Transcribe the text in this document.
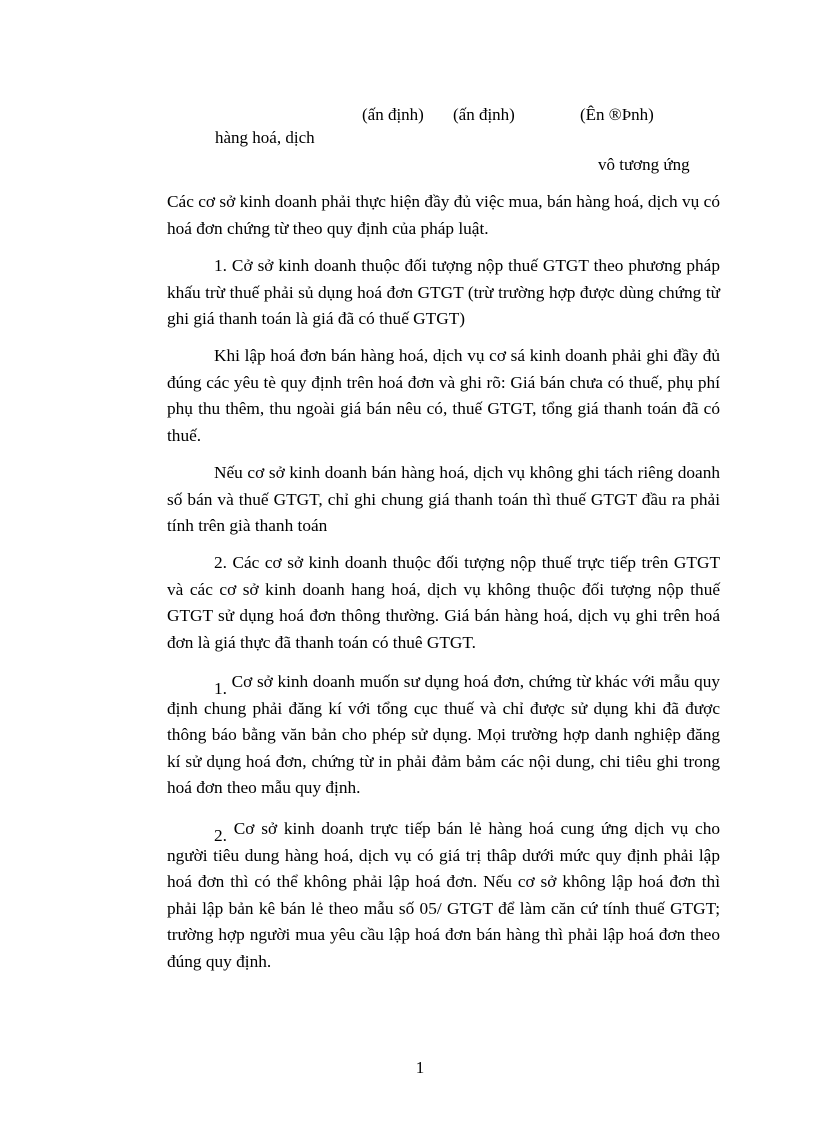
(ấn định) (ấn định)	(Ên ®Þnh)
hàng hoá, dịch
vô tương ứng
Các cơ sở kinh doanh phải thực hiện đầy đủ việc mua, bán hàng hoá, dịch vụ có hoá đơn chứng từ theo quy định của pháp luật.
1. Cở sở kinh doanh thuộc đối tượng nộp thuế GTGT theo phương pháp khấu trừ thuế phải sủ dụng hoá đơn GTGT (trừ trường hợp được dùng chứng từ ghi giá thanh toán là giá đã có thuế GTGT)
Khi lập hoá đơn bán hàng hoá, dịch vụ cơ sá kinh doanh phải ghi đầy đủ đúng các yêu tè quy định trên hoá đơn và ghi rõ: Giá bán chưa có thuế, phụ phí phụ thu thêm, thu ngoài giá bán nêu có, thuế GTGT, tổng giá thanh toán đã có thuế.
Nếu cơ sở kinh doanh bán hàng hoá, dịch vụ không ghi tách riêng doanh số bán và thuế GTGT, chỉ ghi chung giá thanh toán thì thuế GTGT đầu ra phải tính trên già thanh toán
2. Các cơ sở kinh doanh thuộc đối tượng nộp thuế trực tiếp trên GTGT và các cơ sở kinh doanh hang hoá, dịch vụ không thuộc đối tượng nộp thuế GTGT sử dụng hoá đơn thông thường. Giá bán hàng hoá, dịch vụ ghi trên hoá đơn là giá thực đã thanh toán có thuê GTGT.
1. Cơ sở kinh doanh muốn sư dụng hoá đơn, chứng từ khác với mẫu quy định chung phải đăng kí với tổng cục thuế và chỉ được sử dụng khi đã được thông báo bằng văn bản cho phép sử dụng. Mọi trường hợp danh nghiệp đăng kí sử dụng hoá đơn, chứng từ in phải đảm bảm các nội dung, chi tiêu ghi trong hoá đơn theo mẫu quy định.
2. Cơ sở kinh doanh trực tiếp bán lẻ hàng hoá cung ứng dịch vụ cho người tiêu dung hàng hoá, dịch vụ có giá trị thâp dưới mức quy định phải lập hoá đơn thì có thể không phải lập hoá đơn. Nếu cơ sở không lập hoá đơn thì phải lập bản kê bán lẻ theo mẫu số 05/ GTGT để làm căn cứ tính thuế GTGT; trường hợp người mua yêu cầu lập hoá đơn bán hàng thì phải lập hoá đơn theo đúng quy định.
1
